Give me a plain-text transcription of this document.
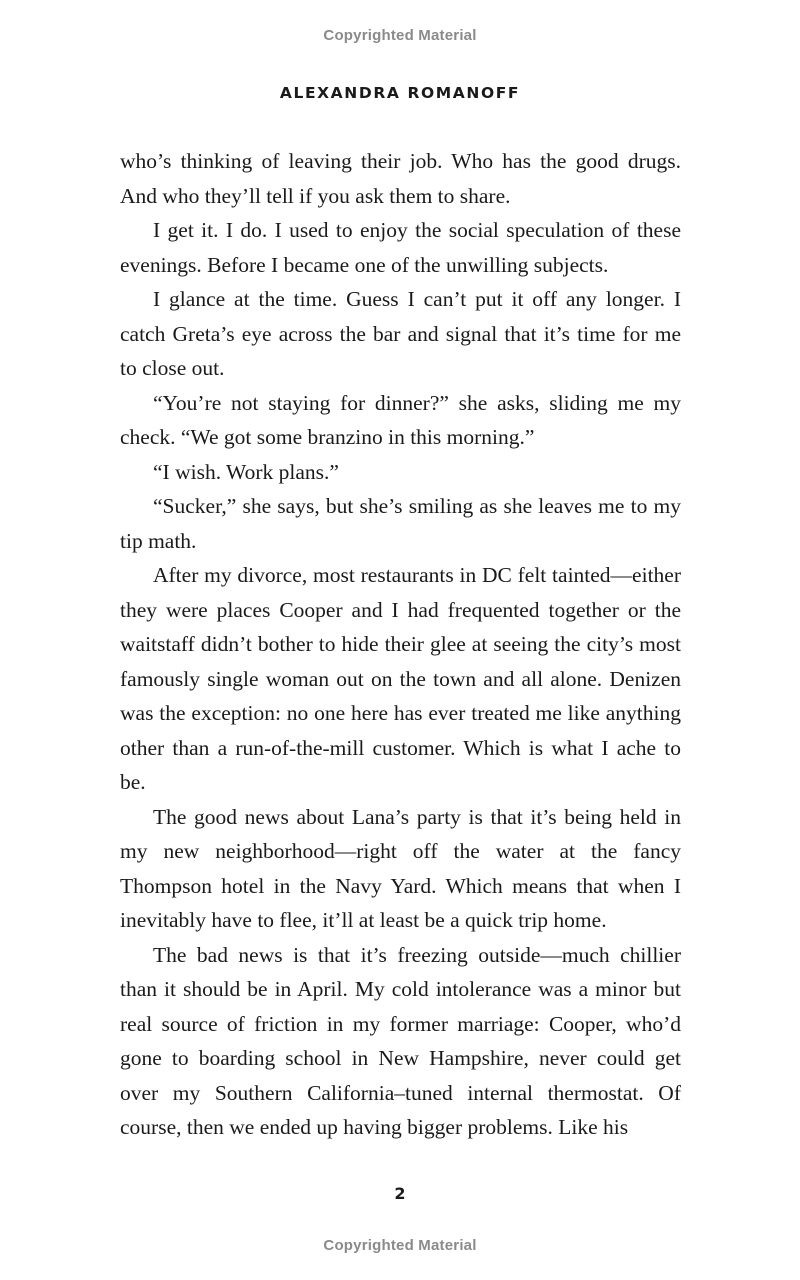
Copyrighted Material
ALEXANDRA ROMANOFF

who’s thinking of leaving their job. Who has the good drugs. And who they’ll tell if you ask them to share.

I get it. I do. I used to enjoy the social speculation of these evenings. Before I became one of the unwilling subjects.

I glance at the time. Guess I can’t put it off any longer. I catch Greta’s eye across the bar and signal that it’s time for me to close out.

“You’re not staying for dinner?” she asks, sliding me my check. “We got some branzino in this morning.”

“I wish. Work plans.”

“Sucker,” she says, but she’s smiling as she leaves me to my tip math.

After my divorce, most restaurants in DC felt tainted—either they were places Cooper and I had frequented together or the waitstaff didn’t bother to hide their glee at seeing the city’s most famously single woman out on the town and all alone. Denizen was the exception: no one here has ever treated me like anything other than a run-of-the-mill customer. Which is what I ache to be.

The good news about Lana’s party is that it’s being held in my new neighborhood—right off the water at the fancy Thompson hotel in the Navy Yard. Which means that when I inevitably have to flee, it’ll at least be a quick trip home.

The bad news is that it’s freezing outside—much chillier than it should be in April. My cold intolerance was a minor but real source of friction in my former marriage: Cooper, who’d gone to boarding school in New Hampshire, never could get over my Southern California–tuned internal thermostat. Of course, then we ended up having bigger problems. Like his

2
Copyrighted Material
